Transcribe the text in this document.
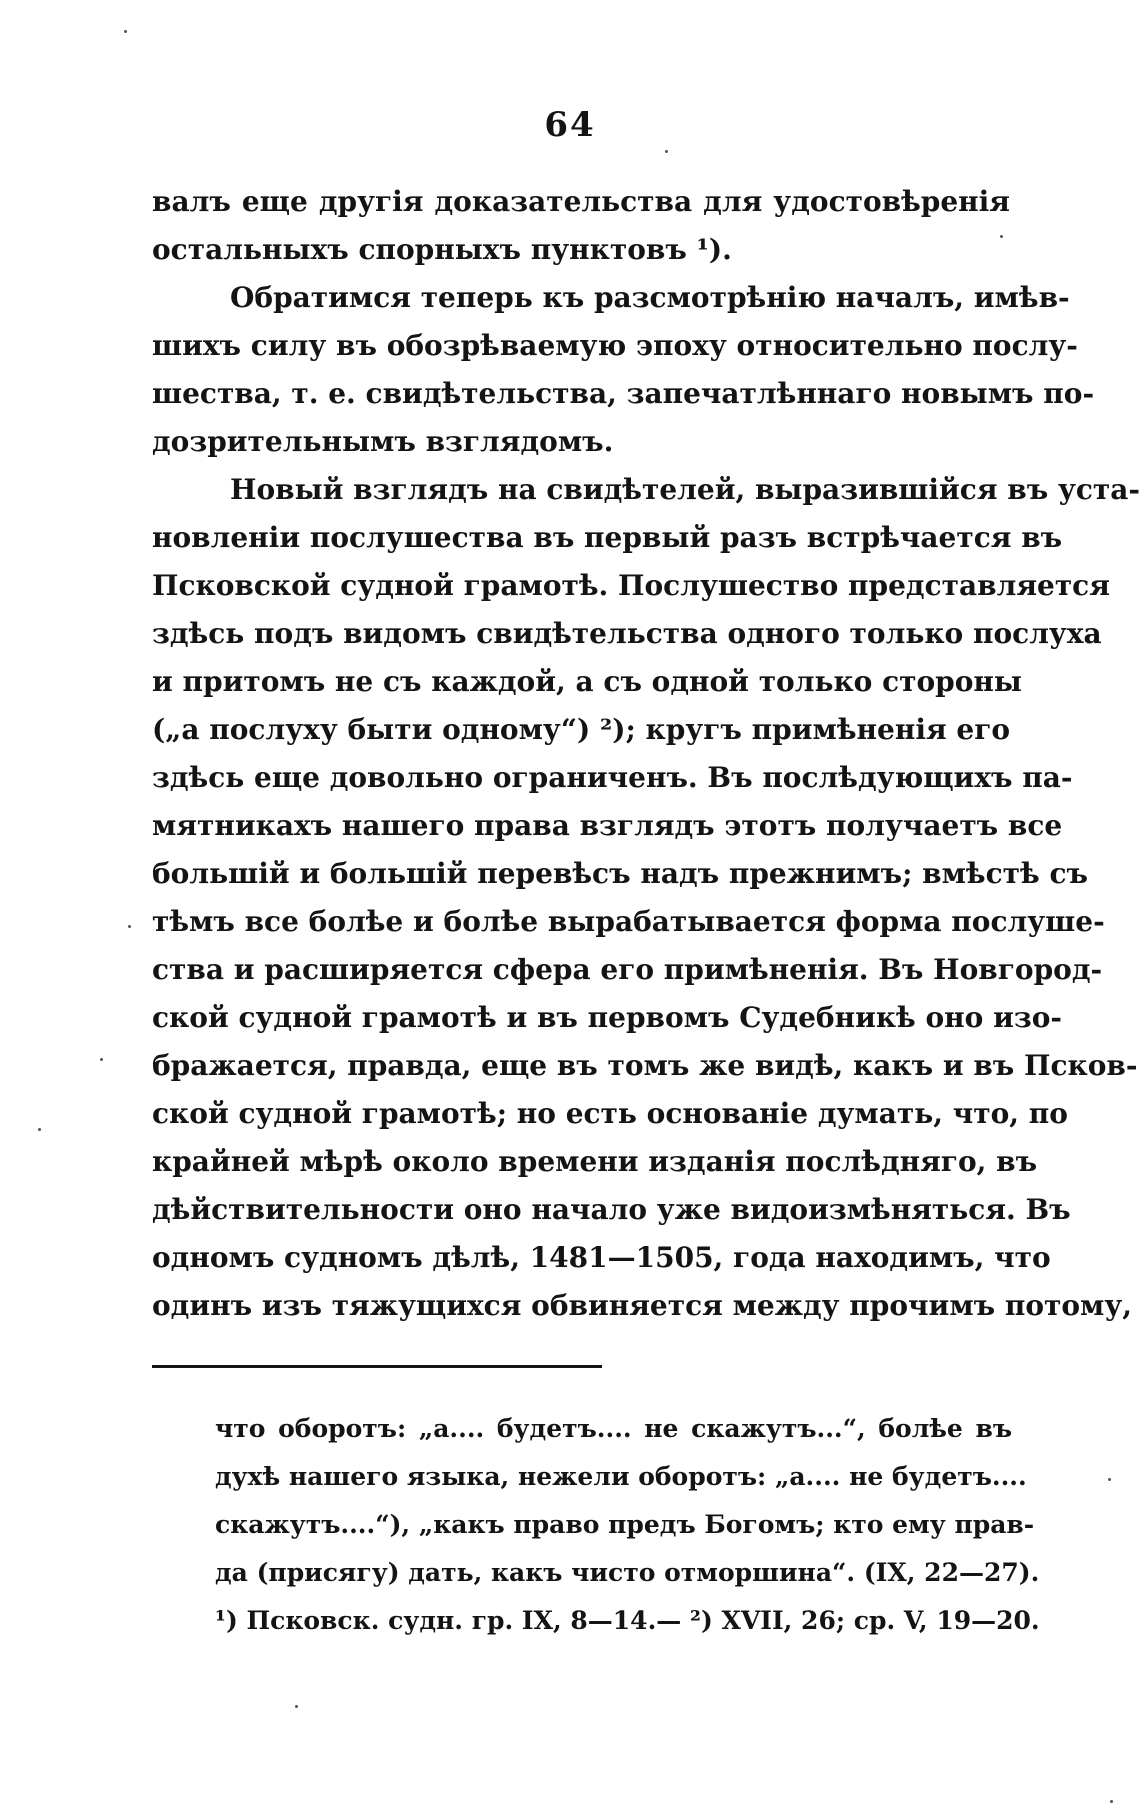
64
валъ еще другія доказательства для удостовѣренія
остальныхъ спорныхъ пунктовъ ¹).
Обратимся теперь къ разсмотрѣнію началъ, имѣв-
шихъ силу въ обозрѣваемую эпоху относительно послу-
шества, т. е. свидѣтельства, запечатлѣннаго новымъ по-
дозрительнымъ взглядомъ.
Новый взглядъ на свидѣтелей, выразившійся въ уста-
новленіи послушества въ первый разъ встрѣчается въ
Псковской судной грамотѣ. Послушество представляется
здѣсь подъ видомъ свидѣтельства одного только послуха
и притомъ не съ каждой, а съ одной только стороны
(„а послуху быти одному“) ²); кругъ примѣненія его
здѣсь еще довольно ограниченъ. Въ послѣдующихъ па-
мятникахъ нашего права взглядъ этотъ получаетъ все
большій и большій перевѣсъ надъ прежнимъ; вмѣстѣ съ
тѣмъ все болѣе и болѣе вырабатывается форма послуше-
ства и расширяется сфера его примѣненія. Въ Новгород-
ской судной грамотѣ и въ первомъ Судебникѣ оно изо-
бражается, правда, еще въ томъ же видѣ, какъ и въ Псков-
ской судной грамотѣ; но есть основаніе думать, что, по
крайней мѣрѣ около времени изданія послѣдняго, въ
дѣйствительности оно начало уже видоизмѣняться. Въ
одномъ судномъ дѣлѣ, 1481—1505, года находимъ, что
одинъ изъ тяжущихся обвиняется между прочимъ потому,
что оборотъ: „а.... будетъ.... не скажутъ...“, болѣе въ
духѣ нашего языка, нежели оборотъ: „а.... не будетъ....
скажутъ....“), „какъ право предъ Богомъ; кто ему прав-
да (присягу) дать, какъ чисто отморшина“. (IX, 22—27).
¹) Псковск. судн. гр. IX, 8—14.— ²) XVII, 26; ср. V, 19—20.
